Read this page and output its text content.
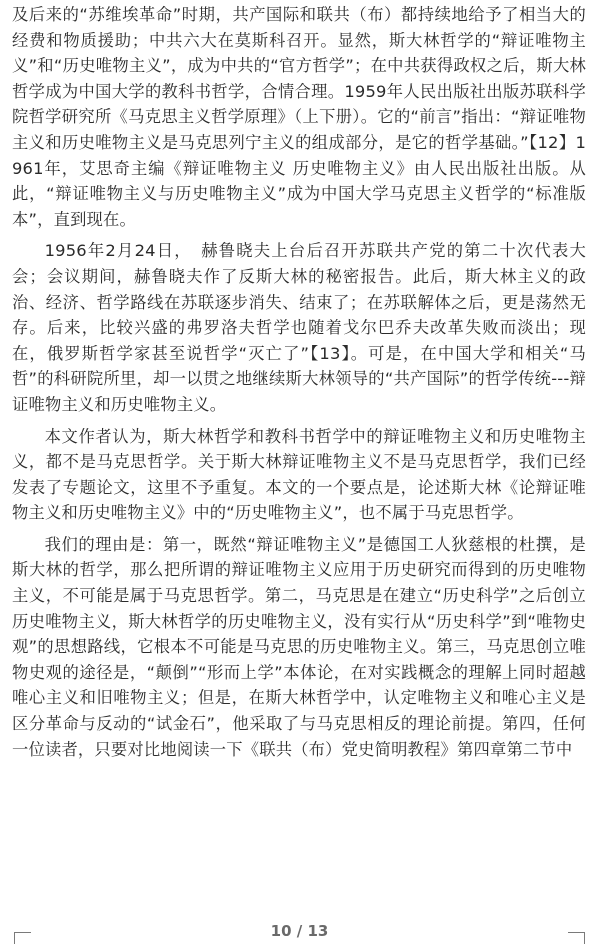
及后来的“苏维埃革命”时期，共产国际和联共（布）都持续地给予了相当大的经费和物质援助；中共六大在莫斯科召开。显然，斯大林哲学的“辩证唯物主义”和“历史唯物主义”，成为中共的“官方哲学”；在中共获得政权之后，斯大林哲学成为中国大学的教科书哲学，合情合理。1959年人民出版社出版苏联科学院哲学研究所《马克思主义哲学原理》（上下册）。它的“前言”指出：“辩证唯物主义和历史唯物主义是马克思列宁主义的组成部分，是它的哲学基础。”【12】1961年，艾思奇主编《辩证唯物主义 历史唯物主义》由人民出版社出版。从此，“辩证唯物主义与历史唯物主义”成为中国大学马克思主义哲学的“标准版本”，直到现在。

1956年2月24日，　赫鲁晓夫上台后召开苏联共产党的第二十次代表大会；会议期间，赫鲁晓夫作了反斯大林的秘密报告。此后，斯大林主义的政治、经济、哲学路线在苏联逐步消失、结束了；在苏联解体之后，更是荡然无存。后来，比较兴盛的弗罗洛夫哲学也随着戈尔巴乔夫改革失败而淡出；现在，俄罗斯哲学家甚至说哲学“灭亡了”【13】。可是，在中国大学和相关“马哲”的科研院所里，却一以贯之地继续斯大林领导的“共产国际”的哲学传统---辩证唯物主义和历史唯物主义。

本文作者认为，斯大林哲学和教科书哲学中的辩证唯物主义和历史唯物主义，都不是马克思哲学。关于斯大林辩证唯物主义不是马克思哲学，我们已经发表了专题论文，这里不予重复。本文的一个要点是，论述斯大林《论辩证唯物主义和历史唯物主义》中的“历史唯物主义”，也不属于马克思哲学。

我们的理由是：第一，既然“辩证唯物主义”是德国工人狄慈根的杜撰，是斯大林的哲学，那么把所谓的辩证唯物主义应用于历史研究而得到的历史唯物主义，不可能是属于马克思哲学。第二，马克思是在建立“历史科学”之后创立历史唯物主义，斯大林哲学的历史唯物主义，没有实行从“历史科学”到“唯物史观”的思想路线，它根本不可能是马克思的历史唯物主义。第三，马克思创立唯物史观的途径是，“颠倒”“形而上学”本体论，在对实践概念的理解上同时超越唯心主义和旧唯物主义；但是，在斯大林哲学中，认定唯物主义和唯心主义是区分革命与反动的“试金石”，他采取了与马克思相反的理论前提。第四，任何一位读者，只要对比地阅读一下《联共（布）党史简明教程》第四章第二节中

10 / 13
